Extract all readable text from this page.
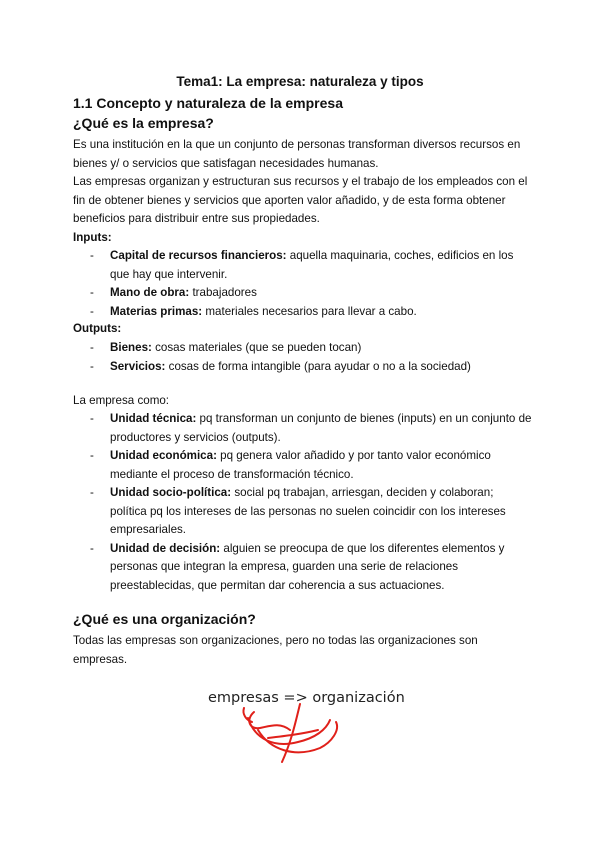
Tema1: La empresa: naturaleza y tipos
1.1 Concepto y naturaleza de la empresa
¿Qué es la empresa?
Es una institución en la que un conjunto de personas transforman diversos recursos en bienes y/ o servicios que satisfagan necesidades humanas.
Las empresas organizan y estructuran sus recursos y el trabajo de los empleados con el fin de obtener bienes y servicios que aporten valor añadido, y de esta forma obtener beneficios para distribuir entre sus propiedades.
Inputs:
- Capital de recursos financieros: aquella maquinaria, coches, edificios en los que hay que intervenir.
- Mano de obra: trabajadores
- Materias primas: materiales necesarios para llevar a cabo.
Outputs:
- Bienes: cosas materiales (que se pueden tocan)
- Servicios: cosas de forma intangible (para ayudar o no a la sociedad)
La empresa como:
- Unidad técnica: pq transforman un conjunto de bienes (inputs) en un conjunto de productores y servicios (outputs).
- Unidad económica: pq genera valor añadido y por tanto valor económico mediante el proceso de transformación técnico.
- Unidad socio-política: social pq trabajan, arriesgan, deciden y colaboran; política pq los intereses de las personas no suelen coincidir con los intereses empresariales.
- Unidad de decisión: alguien se preocupa de que los diferentes elementos y personas que integran la empresa, guarden una serie de relaciones preestablecidas, que permitan dar coherencia a sus actuaciones.
¿Qué es una organización?
Todas las empresas son organizaciones, pero no todas las organizaciones son empresas.
empresas => organización
